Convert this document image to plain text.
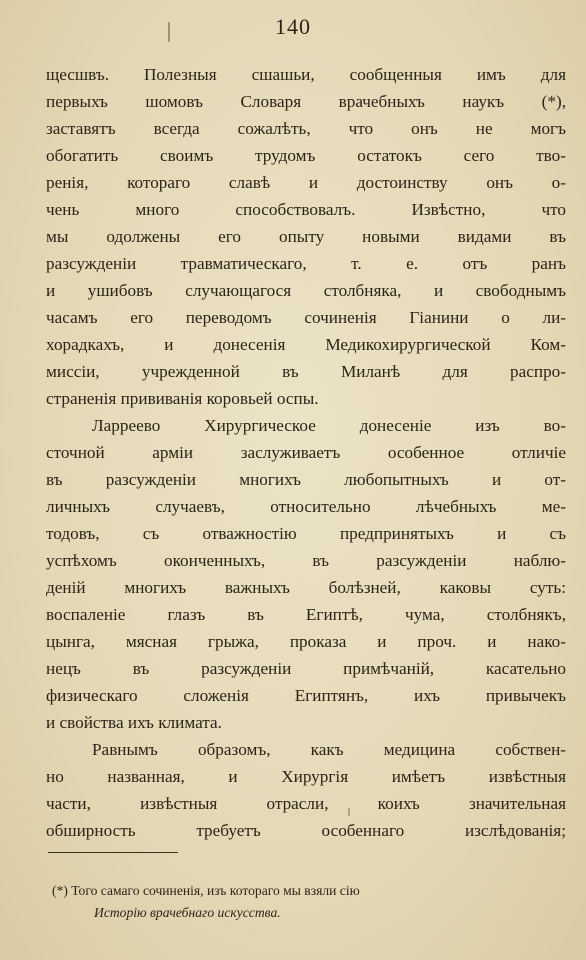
140
щесшвъ. Полезныя сшашьи, сообщенныя имъ для
первыхъ шомовъ Словаря врачебныхъ наукъ (*),
заставятъ всегда сожалѣть, что онъ не могъ
обогатить своимъ трудомъ остатокъ сего тво-
ренія, котораго славѣ и достоинству онъ о-
чень много способствовалъ. Извѣстно, что
мы одолжены его опыту новыми видами въ
разсужденіи травматическаго, т. е. отъ ранъ
и ушибовъ случающагося столбняка, и свободнымъ
часамъ его переводомъ сочиненія Гіанини о ли-
хорадкахъ, и донесенія Медикохирургической Ком-
миссіи, учрежденной въ Миланѣ для распро-
страненія прививанія коровьей оспы.
Ларреево Хирургическое донесеніе изъ во-
сточной арміи заслуживаетъ особенное отличіе
въ разсужденіи многихъ любопытныхъ и от-
личныхъ случаевъ, относительно лѣчебныхъ ме-
тодовъ, съ отважностію предпринятыхъ и съ
успѣхомъ оконченныхъ, въ разсужденіи наблю-
деній многихъ важныхъ болѣзней, каковы суть:
воспаленіе глазъ въ Египтѣ, чума, столбнякъ,
цынга, мясная грыжа, проказа и проч. и нако-
нецъ въ разсужденіи примѣчаній, касательно
физическаго сложенія Египтянъ, ихъ привычекъ
и свойства ихъ климата.
Равнымъ образомъ, какъ медицина собствен-
но названная, и Хирургія имѣетъ извѣстныя
части, извѣстныя отрасли, коихъ значительная
обширность требуетъ особеннаго изслѣдованія;
(*) Того самаго сочиненія, изъ котораго мы взяли сію
Исторію врачебнаго искусства.
